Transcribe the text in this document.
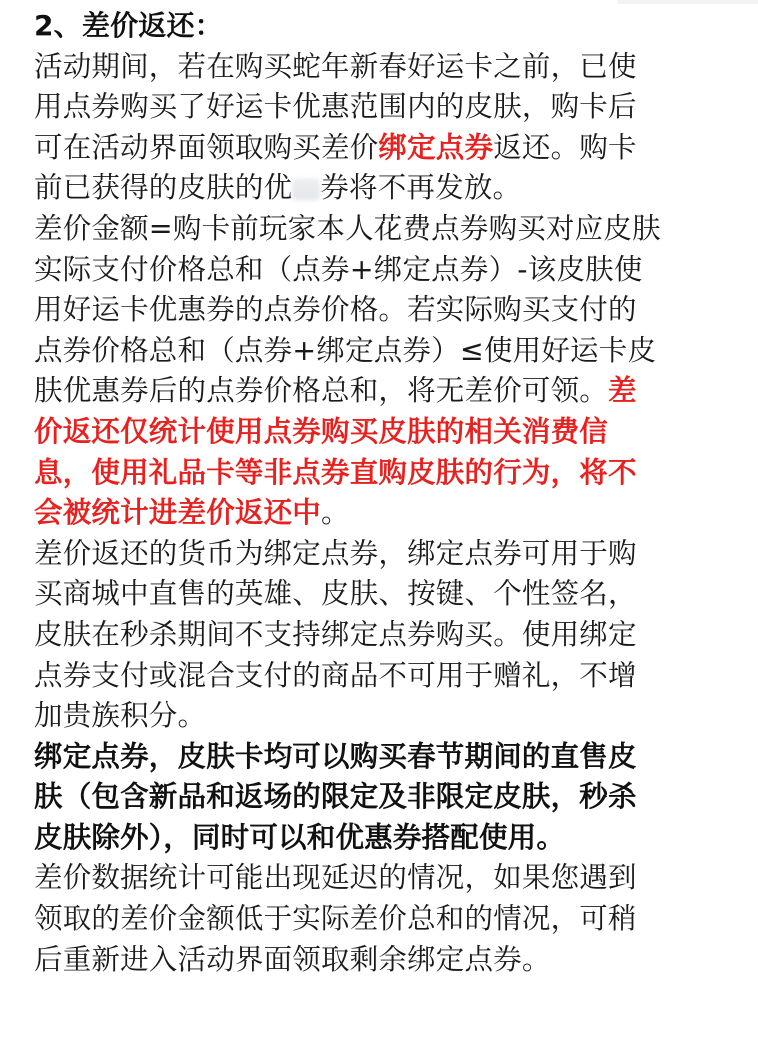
2、差价返还：
活动期间，若在购买蛇年新春好运卡之前，已使
用点券购买了好运卡优惠范围内的皮肤，购卡后
可在活动界面领取购买差价绑定点券返还。购卡
前已获得的皮肤的优 券将不再发放。
差价金额=购卡前玩家本人花费点券购买对应皮肤
实际支付价格总和（点券+绑定点券）-该皮肤使
用好运卡优惠券的点券价格。若实际购买支付的
点券价格总和（点券+绑定点券）≤使用好运卡皮
肤优惠券后的点券价格总和，将无差价可领。差
价返还仅统计使用点券购买皮肤的相关消费信
息，使用礼品卡等非点券直购皮肤的行为，将不
会被统计进差价返还中。
差价返还的货币为绑定点券，绑定点券可用于购
买商城中直售的英雄、皮肤、按键、个性签名，
皮肤在秒杀期间不支持绑定点券购买。使用绑定
点券支付或混合支付的商品不可用于赠礼，不增
加贵族积分。
绑定点券，皮肤卡均可以购买春节期间的直售皮
肤（包含新品和返场的限定及非限定皮肤，秒杀
皮肤除外），同时可以和优惠券搭配使用。
差价数据统计可能出现延迟的情况，如果您遇到
领取的差价金额低于实际差价总和的情况，可稍
后重新进入活动界面领取剩余绑定点券。
